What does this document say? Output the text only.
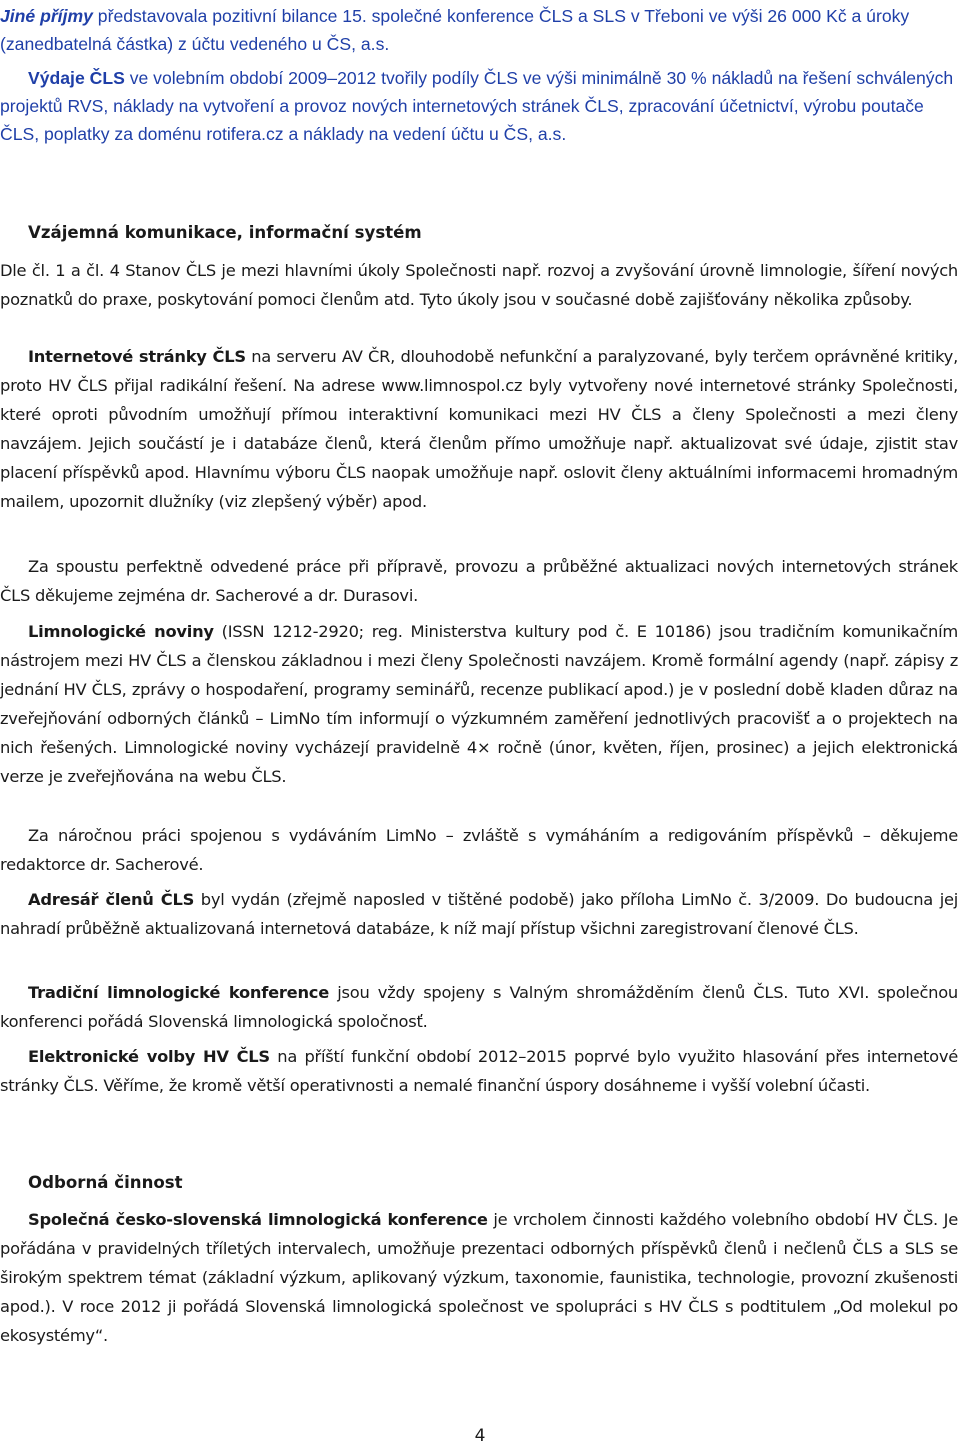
Jiné příjmy představovala pozitivní bilance 15. společné konference ČLS a SLS v Třeboni ve výši 26 000 Kč a úroky (zanedbatelná částka) z účtu vedeného u ČS, a.s.

Výdaje ČLS ve volebním období 2009–2012 tvořily podíly ČLS ve výši minimálně 30 % nákladů na řešení schválených projektů RVS, náklady na vytvoření a provoz nových internetových stránek ČLS, zpracování účetnictví, výrobu poutače ČLS, poplatky za doménu rotifera.cz a náklady na vedení účtu u ČS, a.s.

Vzájemná komunikace, informační systém

Dle čl. 1 a čl. 4 Stanov ČLS je mezi hlavními úkoly Společnosti např. rozvoj a zvyšování úrovně limnologie, šíření nových poznatků do praxe, poskytování pomoci členům atd. Tyto úkoly jsou v současné době zajišťovány několika způsoby.

Internetové stránky ČLS na serveru AV ČR, dlouhodobě nefunkční a paralyzované, byly terčem oprávněné kritiky, proto HV ČLS přijal radikální řešení. Na adrese www.limnospol.cz byly vytvořeny nové internetové stránky Společnosti, které oproti původním umožňují přímou interaktivní komunikaci mezi HV ČLS a členy Společnosti a mezi členy navzájem. Jejich součástí je i databáze členů, která členům přímo umožňuje např. aktualizovat své údaje, zjistit stav placení příspěvků apod. Hlavnímu výboru ČLS naopak umožňuje např. oslovit členy aktuálními informacemi hromadným mailem, upozornit dlužníky (viz zlepšený výběr) apod.

Za spoustu perfektně odvedené práce při přípravě, provozu a průběžné aktualizaci nových internetových stránek ČLS děkujeme zejména dr. Sacherové a dr. Durasovi.

Limnologické noviny (ISSN 1212-2920; reg. Ministerstva kultury pod č. E 10186) jsou tradičním komunikačním nástrojem mezi HV ČLS a členskou základnou i mezi členy Společnosti navzájem. Kromě formální agendy (např. zápisy z jednání HV ČLS, zprávy o hospodaření, programy seminářů, recenze publikací apod.) je v poslední době kladen důraz na zveřejňování odborných článků – LimNo tím informují o výzkumném zaměření jednotlivých pracovišť a o projektech na nich řešených. Limnologické noviny vycházejí pravidelně 4× ročně (únor, květen, říjen, prosinec) a jejich elektronická verze je zveřejňována na webu ČLS.

Za náročnou práci spojenou s vydáváním LimNo – zvláště s vymáháním a redigováním příspěvků – děkujeme redaktorce dr. Sacherové.

Adresář členů ČLS byl vydán (zřejmě naposled v tištěné podobě) jako příloha LimNo č. 3/2009. Do budoucna jej nahradí průběžně aktualizovaná internetová databáze, k níž mají přístup všichni zaregistrovaní členové ČLS.

Tradiční limnologické konference jsou vždy spojeny s Valným shromážděním členů ČLS. Tuto XVI. společnou konferenci pořádá Slovenská limnologická spoločnosť.

Elektronické volby HV ČLS na příští funkční období 2012–2015 poprvé bylo využito hlasování přes internetové stránky ČLS. Věříme, že kromě větší operativnosti a nemalé finanční úspory dosáhneme i vyšší volební účasti.

Odborná činnost

Společná česko-slovenská limnologická konference je vrcholem činnosti každého volebního období HV ČLS. Je pořádána v pravidelných tříletých intervalech, umožňuje prezentaci odborných příspěvků členů i nečlenů ČLS a SLS se širokým spektrem témat (základní výzkum, aplikovaný výzkum, taxonomie, faunistika, technologie, provozní zkušenosti apod.). V roce 2012 ji pořádá Slovenská limnologická společnost ve spolupráci s HV ČLS s podtitulem „Od molekul po ekosystémy“.

4
